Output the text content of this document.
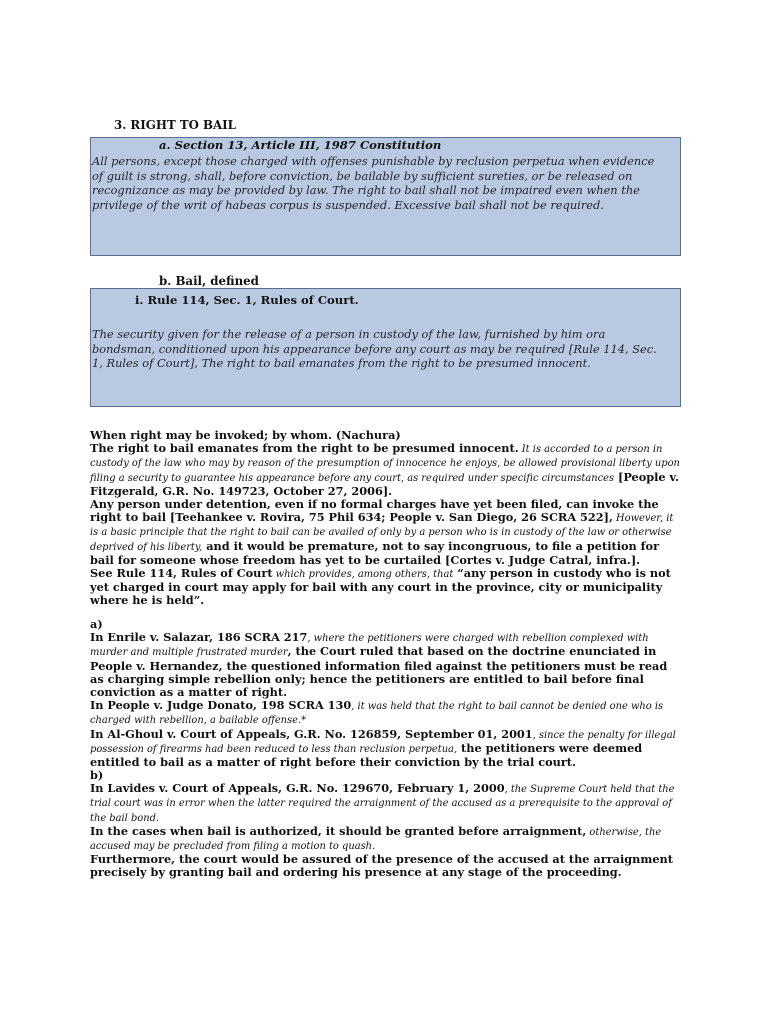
3. RIGHT TO BAIL
a. Section 13, Article III, 1987 Constitution
All persons, except those charged with offenses punishable by reclusion perpetua when evidence
of guilt is strong, shall, before conviction, be bailable by sufficient sureties, or be released on
recognizance as may be provided by law. The right to bail shall not be impaired even when the
privilege of the writ of habeas corpus is suspended. Excessive bail shall not be required.
b. Bail, defined
i. Rule 114, Sec. 1, Rules of Court.
The security given for the release of a person in custody of the law, furnished by him ora
bondsman, conditioned upon his appearance before any court as may be required [Rule 114, Sec.
1, Rules of Court], The right to bail emanates from the right to be presumed innocent.

When right may be invoked; by whom. (Nachura)

The right to bail emanates from the right to be presumed innocent. It is accorded to a person in custody of the law who may by reason of the presumption of innocence he enjoys, be allowed provisional liberty upon filing a security to guarantee his appearance before any court, as required under specific circumstances [People v. Fitzgerald, G.R. No. 149723, October 27, 2006].

Any person under detention, even if no formal charges have yet been filed, can invoke the right to bail [Teehankee v. Rovira, 75 Phil 634; People v. San Diego, 26 SCRA 522], However, it is a basic principle that the right to bail can be availed of only by a person who is in custody of the law or otherwise deprived of his liberty, and it would be premature, not to say incongruous, to file a petition for bail for someone whose freedom has yet to be curtailed [Cortes v. Judge Catral, infra.].

See Rule 114, Rules of Court which provides, among others, that “any person in custody who is not yet charged in court may apply for bail with any court in the province, city or municipality where he is held”.

a)

In Enrile v. Salazar, 186 SCRA 217, where the petitioners were charged with rebellion complexed with murder and multiple frustrated murder, the Court ruled that based on the doctrine enunciated in People v. Hernandez, the questioned information filed against the petitioners must be read as charging simple rebellion only; hence the petitioners are entitled to bail before final conviction as a matter of right.

In People v. Judge Donato, 198 SCRA 130, it was held that the right to bail cannot be denied one who is charged with rebellion, a bailable offense.*

In Al-Ghoul v. Court of Appeals, G.R. No. 126859, September 01, 2001, since the penalty for illegal possession of firearms had been reduced to less than reclusion perpetua, the petitioners were deemed entitled to bail as a matter of right before their conviction by the trial court.

b)

In Lavides v. Court of Appeals, G.R. No. 129670, February 1, 2000, the Supreme Court held that the trial court was in error when the latter required the arraignment of the accused as a prerequisite to the approval of the bail bond.

In the cases when bail is authorized, it should be granted before arraignment, otherwise, the accused may be precluded from filing a motion to quash.

Furthermore, the court would be assured of the presence of the accused at the arraignment precisely by granting bail and ordering his presence at any stage of the proceeding.
